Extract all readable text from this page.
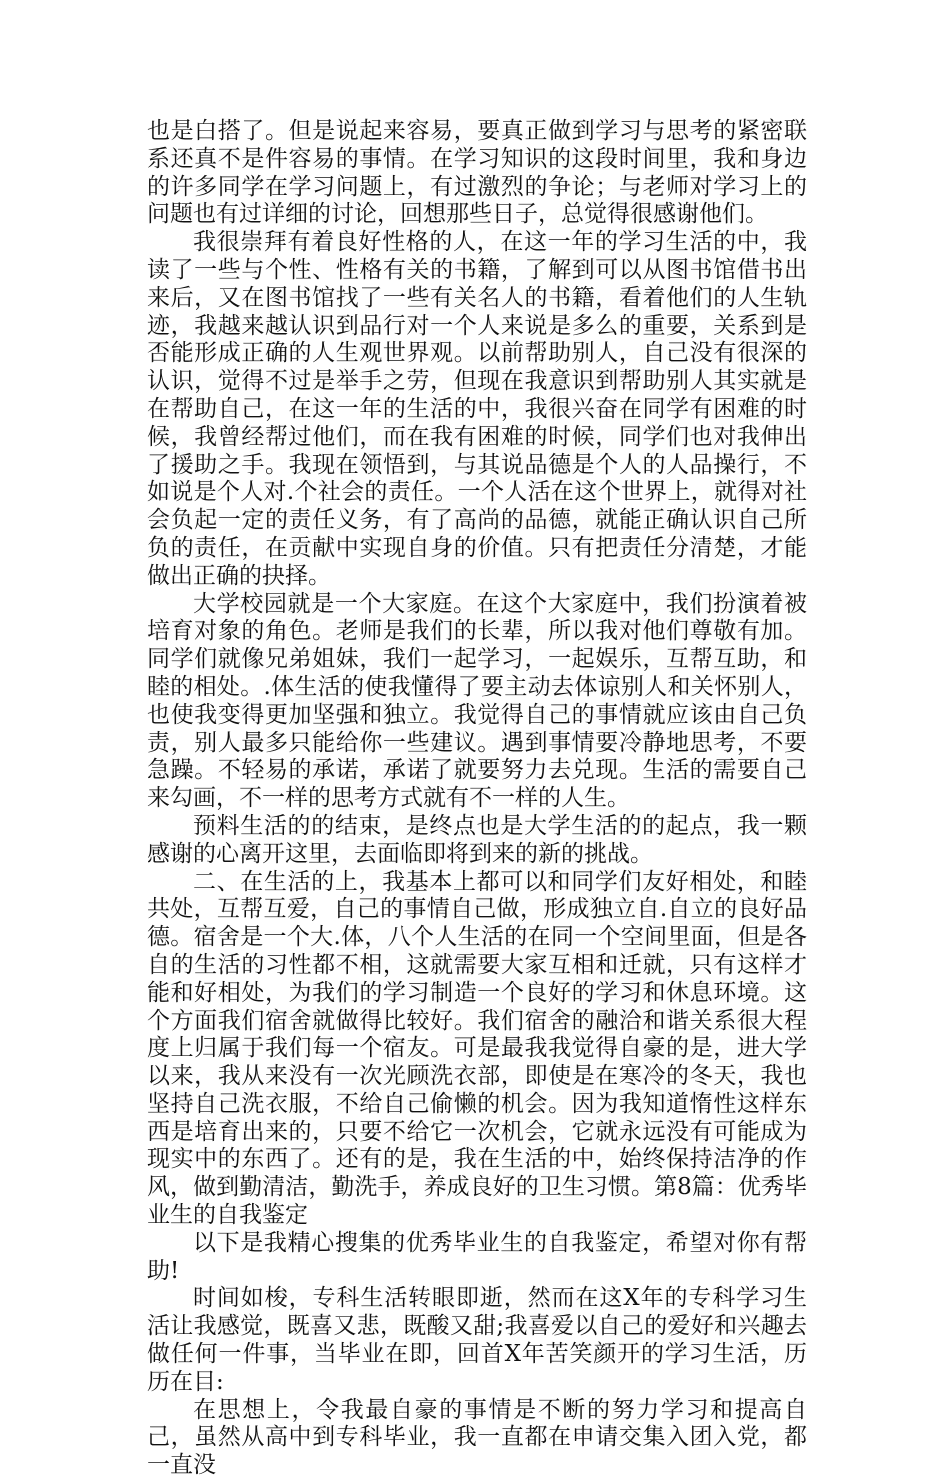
也是白搭了。但是说起来容易，要真正做到学习与思考的紧密联系还真不是件容易的事情。在学习知识的这段时间里，我和身边的许多同学在学习问题上，有过激烈的争论；与老师对学习上的问题也有过详细的讨论，回想那些日子，总觉得很感谢他们。

我很崇拜有着良好性格的人，在这一年的学习生活的中，我读了一些与个性、性格有关的书籍，了解到可以从图书馆借书出来后，又在图书馆找了一些有关名人的书籍，看着他们的人生轨迹，我越来越认识到品行对一个人来说是多么的重要，关系到是否能形成正确的人生观世界观。以前帮助别人，自己没有很深的认识，觉得不过是举手之劳，但现在我意识到帮助别人其实就是在帮助自己，在这一年的生活的中，我很兴奋在同学有困难的时候，我曾经帮过他们，而在我有困难的时候，同学们也对我伸出了援助之手。我现在领悟到，与其说品德是个人的人品操行，不如说是个人对.个社会的责任。一个人活在这个世界上，就得对社会负起一定的责任义务，有了高尚的品德，就能正确认识自己所负的责任，在贡献中实现自身的价值。只有把责任分清楚，才能做出正确的抉择。

大学校园就是一个大家庭。在这个大家庭中，我们扮演着被培育对象的角色。老师是我们的长辈，所以我对他们尊敬有加。同学们就像兄弟姐妹，我们一起学习，一起娱乐，互帮互助，和睦的相处。.体生活的使我懂得了要主动去体谅别人和关怀别人，也使我变得更加坚强和独立。我觉得自己的事情就应该由自己负责，别人最多只能给你一些建议。遇到事情要冷静地思考，不要急躁。不轻易的承诺，承诺了就要努力去兑现。生活的需要自己来勾画，不一样的思考方式就有不一样的人生。

预料生活的的结束，是终点也是大学生活的的起点，我一颗感谢的心离开这里，去面临即将到来的新的挑战。

二、在生活的上，我基本上都可以和同学们友好相处，和睦共处，互帮互爱，自己的事情自己做，形成独立自.自立的良好品德。宿舍是一个大.体，八个人生活的在同一个空间里面，但是各自的生活的习性都不相，这就需要大家互相和迁就，只有这样才能和好相处，为我们的学习制造一个良好的学习和休息环境。这个方面我们宿舍就做得比较好。我们宿舍的融洽和谐关系很大程度上归属于我们每一个宿友。可是最我我觉得自豪的是，进大学以来，我从来没有一次光顾洗衣部，即使是在寒冷的冬天，我也坚持自己洗衣服，不给自己偷懒的机会。因为我知道惰性这样东西是培育出来的，只要不给它一次机会，它就永远没有可能成为现实中的东西了。还有的是，我在生活的中，始终保持洁净的作风，做到勤清洁，勤洗手，养成良好的卫生习惯。第8篇：优秀毕业生的自我鉴定

以下是我精心搜集的优秀毕业生的自我鉴定，希望对你有帮助!

时间如梭，专科生活转眼即逝，然而在这X年的专科学习生活让我感觉，既喜又悲，既酸又甜;我喜爱以自己的爱好和兴趣去做任何一件事，当毕业在即，回首X年苦笑颜开的学习生活，历历在目:

在思想上，令我最自豪的事情是不断的努力学习和提高自己，虽然从高中到专科毕业，我一直都在申请交集入团入党，都一直没
